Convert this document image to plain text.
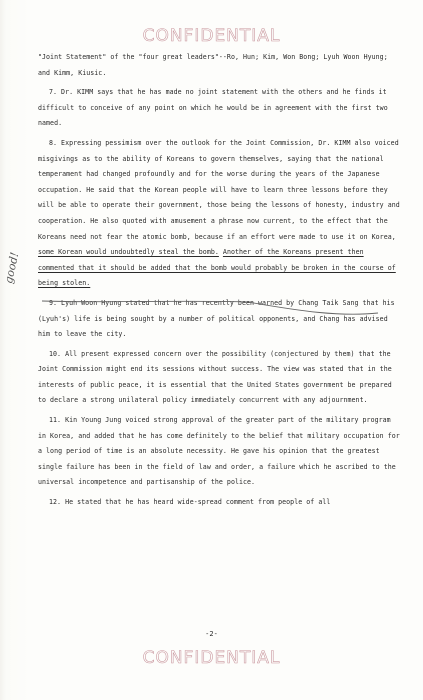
CONFIDENTIAL

"Joint Statement" of the "four great leaders"--Ro, Hun; Kim, Won Bong; Lyuh Woon Hyung; and Kimm, Kiusic.

7. Dr. KIMM says that he has made no joint statement with the others and he finds it difficult to conceive of any point on which he would be in agreement with the first two named.

8. Expressing pessimism over the outlook for the Joint Commission, Dr. KIMM also voiced misgivings as to the ability of Koreans to govern themselves, saying that the national temperament had changed profoundly and for the worse during the years of the Japanese occupation. He said that the Korean people will have to learn three lessons before they will be able to operate their government, those being the lessons of honesty, industry and cooperation. He also quoted with amusement a phrase now current, to the effect that the Koreans need not fear the atomic bomb, because if an effort were made to use it on Korea, some Korean would undoubtedly steal the bomb. Another of the Koreans present then commented that it should be added that the bomb would probably be broken in the course of being stolen.

9. Lyuh Woon Hyung stated that he has recently been warned by Chang Taik Sang that his (Lyuh's) life is being sought by a number of political opponents, and Chang has advised him to leave the city.

10. All present expressed concern over the possibility (conjectured by them) that the Joint Commission might end its sessions without success. The view was stated that in the interests of public peace, it is essential that the United States government be prepared to declare a strong unilateral policy immediately concurrent with any adjournment.

11. Kin Young Jung voiced strong approval of the greater part of the military program in Korea, and added that he has come definitely to the belief that military occupation for a long period of time is an absolute necessity. He gave his opinion that the greatest single failure has been in the field of law and order, a failure which he ascribed to the universal incompetence and partisanship of the police.

12. He stated that he has heard wide-spread comment from people of all

good!
-2-
CONFIDENTIAL
